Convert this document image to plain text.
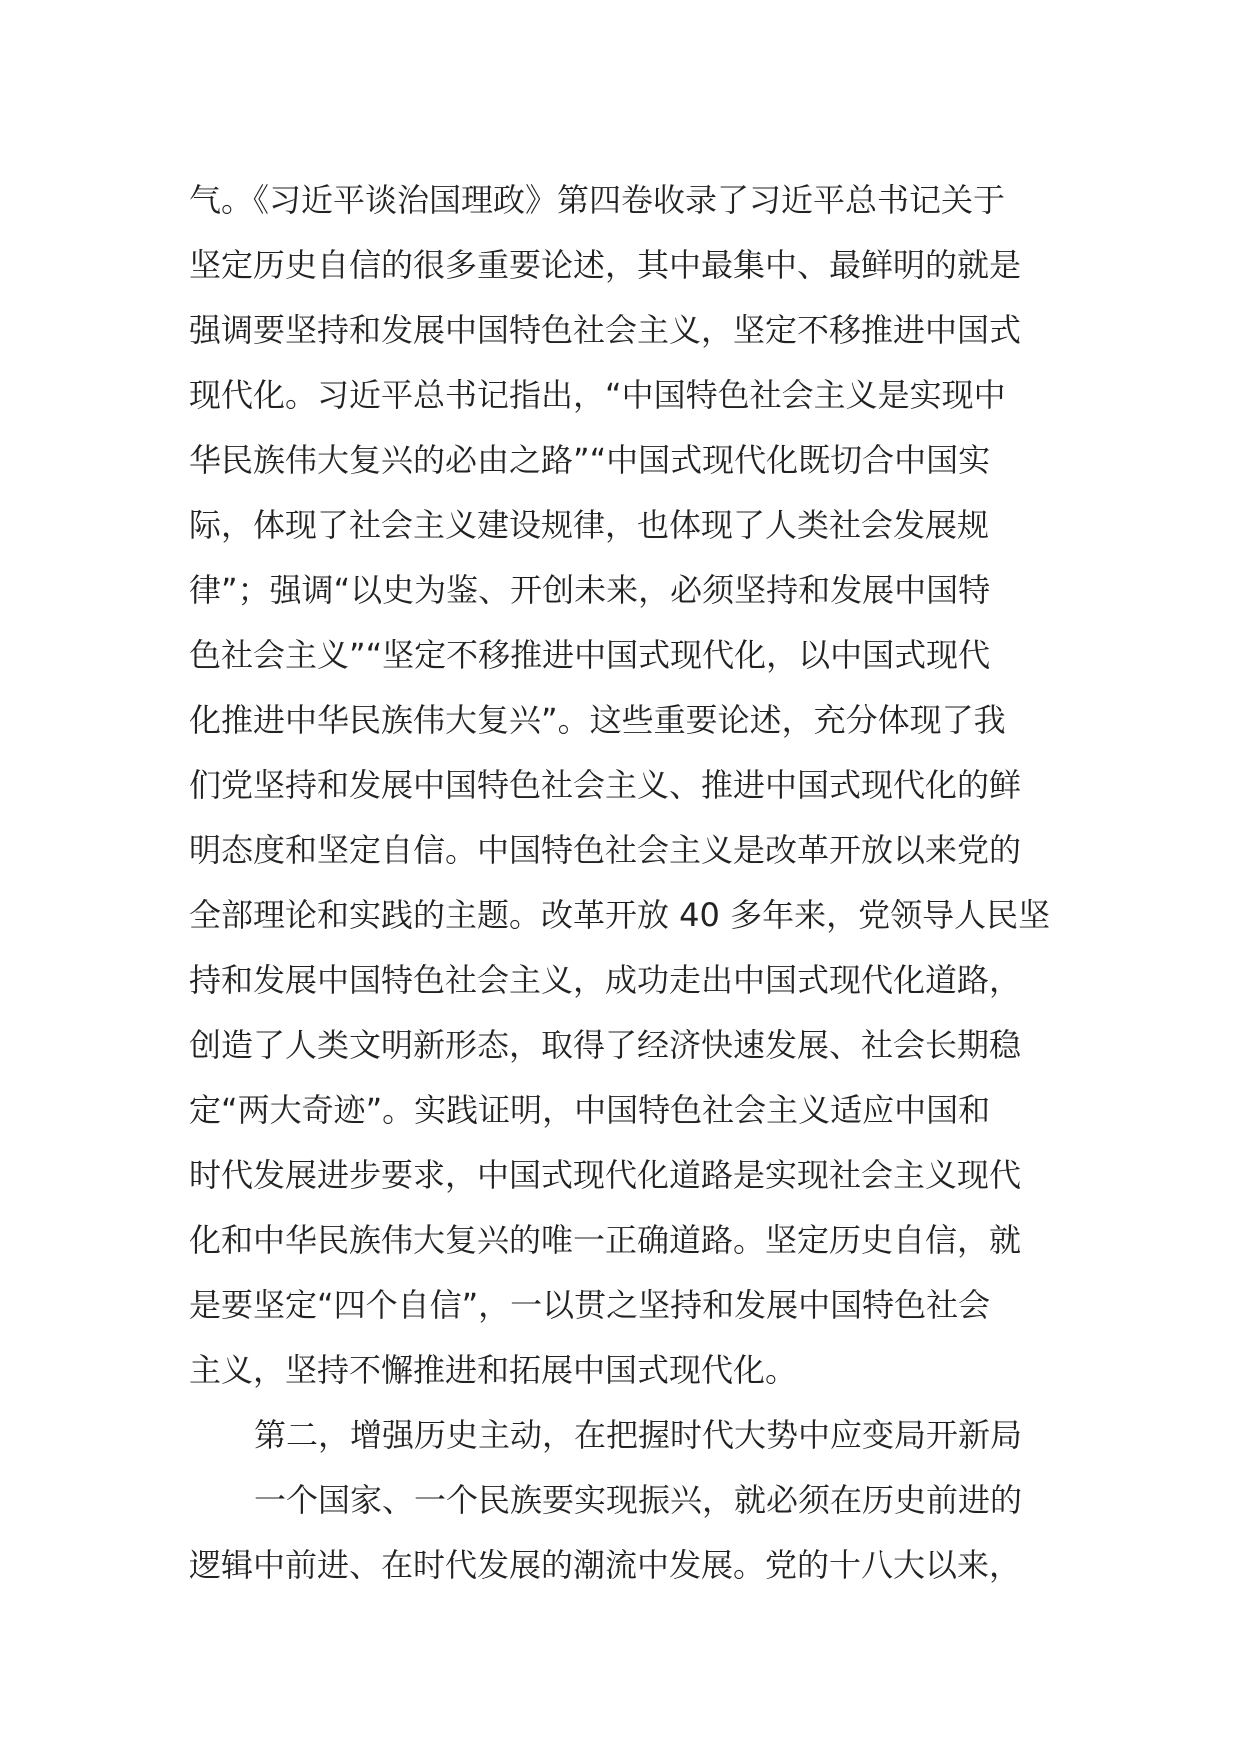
气。《习近平谈治国理政》第四卷收录了习近平总书记关于
坚定历史自信的很多重要论述，其中最集中、最鲜明的就是
强调要坚持和发展中国特色社会主义，坚定不移推进中国式
现代化。习近平总书记指出，“中国特色社会主义是实现中
华民族伟大复兴的必由之路”“中国式现代化既切合中国实
际，体现了社会主义建设规律，也体现了人类社会发展规
律”；强调“以史为鉴、开创未来，必须坚持和发展中国特
色社会主义”“坚定不移推进中国式现代化，以中国式现代
化推进中华民族伟大复兴”。这些重要论述，充分体现了我
们党坚持和发展中国特色社会主义、推进中国式现代化的鲜
明态度和坚定自信。中国特色社会主义是改革开放以来党的
全部理论和实践的主题。改革开放 40 多年来，党领导人民坚
持和发展中国特色社会主义，成功走出中国式现代化道路，
创造了人类文明新形态，取得了经济快速发展、社会长期稳
定“两大奇迹”。实践证明，中国特色社会主义适应中国和
时代发展进步要求，中国式现代化道路是实现社会主义现代
化和中华民族伟大复兴的唯一正确道路。坚定历史自信，就
是要坚定“四个自信”，一以贯之坚持和发展中国特色社会
主义，坚持不懈推进和拓展中国式现代化。
第二，增强历史主动，在把握时代大势中应变局开新局
一个国家、一个民族要实现振兴，就必须在历史前进的
逻辑中前进、在时代发展的潮流中发展。党的十八大以来，
